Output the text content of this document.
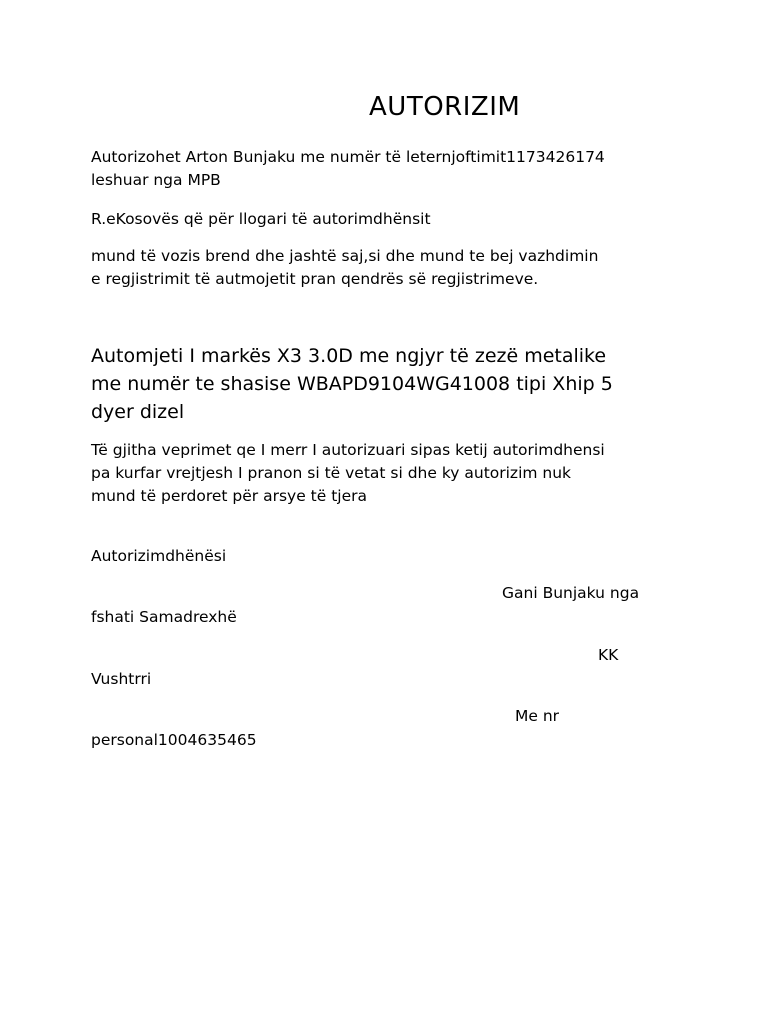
AUTORIZIM

Autorizohet Arton Bunjaku me numër të leternjoftimit1173426174
leshuar nga MPB

R.eKosovës që për llogari të autorimdhënsit

mund të vozis brend dhe jashtë saj,si dhe mund te bej vazhdimin
e regjistrimit të autmojetit pran qendrës së regjistrimeve.

Automjeti I markës X3 3.0D me ngjyr të zezë metalike
me numër te shasise WBAPD9104WG41008 tipi Xhip 5
dyer dizel

Të gjitha veprimet qe I merr I autorizuari sipas ketij autorimdhensi
pa kurfar vrejtjesh I pranon si të vetat si dhe ky autorizim nuk
mund të perdoret për arsye të tjera

Autorizimdhënësi

Gani Bunjaku nga

fshati Samadrexhë

KK

Vushtrri

Me nr

personal1004635465
